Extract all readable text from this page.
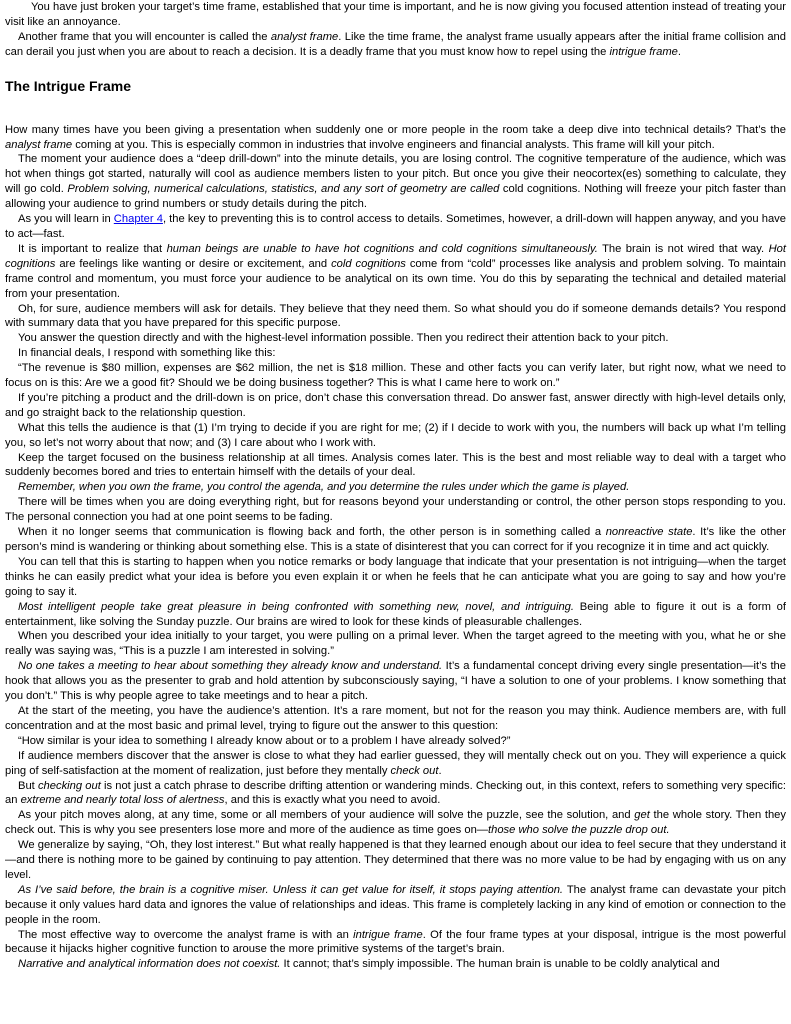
You have just broken your target’s time frame, established that your time is important, and he is now giving you focused attention instead of treating your visit like an annoyance.

Another frame that you will encounter is called the analyst frame. Like the time frame, the analyst frame usually appears after the initial frame collision and can derail you just when you are about to reach a decision. It is a deadly frame that you must know how to repel using the intrigue frame.

The Intrigue Frame

How many times have you been giving a presentation when suddenly one or more people in the room take a deep dive into technical details? That’s the analyst frame coming at you. This is especially common in industries that involve engineers and financial analysts. This frame will kill your pitch.

The moment your audience does a “deep drill-down” into the minute details, you are losing control. The cognitive temperature of the audience, which was hot when things got started, naturally will cool as audience members listen to your pitch. But once you give their neocortex(es) something to calculate, they will go cold. Problem solving, numerical calculations, statistics, and any sort of geometry are called cold cognitions. Nothing will freeze your pitch faster than allowing your audience to grind numbers or study details during the pitch.

As you will learn in Chapter 4, the key to preventing this is to control access to details. Sometimes, however, a drill-down will happen anyway, and you have to act—fast.

It is important to realize that human beings are unable to have hot cognitions and cold cognitions simultaneously. The brain is not wired that way. Hot cognitions are feelings like wanting or desire or excitement, and cold cognitions come from “cold” processes like analysis and problem solving. To maintain frame control and momentum, you must force your audience to be analytical on its own time. You do this by separating the technical and detailed material from your presentation.

Oh, for sure, audience members will ask for details. They believe that they need them. So what should you do if someone demands details? You respond with summary data that you have prepared for this specific purpose.

You answer the question directly and with the highest-level information possible. Then you redirect their attention back to your pitch.

In financial deals, I respond with something like this:

“The revenue is $80 million, expenses are $62 million, the net is $18 million. These and other facts you can verify later, but right now, what we need to focus on is this: Are we a good fit? Should we be doing business together? This is what I came here to work on.”

If you’re pitching a product and the drill-down is on price, don’t chase this conversation thread. Do answer fast, answer directly with high-level details only, and go straight back to the relationship question.

What this tells the audience is that (1) I’m trying to decide if you are right for me; (2) if I decide to work with you, the numbers will back up what I’m telling you, so let’s not worry about that now; and (3) I care about who I work with.

Keep the target focused on the business relationship at all times. Analysis comes later. This is the best and most reliable way to deal with a target who suddenly becomes bored and tries to entertain himself with the details of your deal.

Remember, when you own the frame, you control the agenda, and you determine the rules under which the game is played.

There will be times when you are doing everything right, but for reasons beyond your understanding or control, the other person stops responding to you. The personal connection you had at one point seems to be fading.

When it no longer seems that communication is flowing back and forth, the other person is in something called a nonreactive state. It’s like the other person’s mind is wandering or thinking about something else. This is a state of disinterest that you can correct for if you recognize it in time and act quickly.

You can tell that this is starting to happen when you notice remarks or body language that indicate that your presentation is not intriguing—when the target thinks he can easily predict what your idea is before you even explain it or when he feels that he can anticipate what you are going to say and how you’re going to say it.

Most intelligent people take great pleasure in being confronted with something new, novel, and intriguing. Being able to figure it out is a form of entertainment, like solving the Sunday puzzle. Our brains are wired to look for these kinds of pleasurable challenges.

When you described your idea initially to your target, you were pulling on a primal lever. When the target agreed to the meeting with you, what he or she really was saying was, “This is a puzzle I am interested in solving.”

No one takes a meeting to hear about something they already know and understand. It’s a fundamental concept driving every single presentation—it’s the hook that allows you as the presenter to grab and hold attention by subconsciously saying, “I have a solution to one of your problems. I know something that you don’t.” This is why people agree to take meetings and to hear a pitch.

At the start of the meeting, you have the audience’s attention. It’s a rare moment, but not for the reason you may think. Audience members are, with full concentration and at the most basic and primal level, trying to figure out the answer to this question:

“How similar is your idea to something I already know about or to a problem I have already solved?”

If audience members discover that the answer is close to what they had earlier guessed, they will mentally check out on you. They will experience a quick ping of self-satisfaction at the moment of realization, just before they mentally check out.

But checking out is not just a catch phrase to describe drifting attention or wandering minds. Checking out, in this context, refers to something very specific: an extreme and nearly total loss of alertness, and this is exactly what you need to avoid.

As your pitch moves along, at any time, some or all members of your audience will solve the puzzle, see the solution, and get the whole story. Then they check out. This is why you see presenters lose more and more of the audience as time goes on—those who solve the puzzle drop out.

We generalize by saying, “Oh, they lost interest.” But what really happened is that they learned enough about our idea to feel secure that they understand it—and there is nothing more to be gained by continuing to pay attention. They determined that there was no more value to be had by engaging with us on any level.

As I’ve said before, the brain is a cognitive miser. Unless it can get value for itself, it stops paying attention. The analyst frame can devastate your pitch because it only values hard data and ignores the value of relationships and ideas. This frame is completely lacking in any kind of emotion or connection to the people in the room.

The most effective way to overcome the analyst frame is with an intrigue frame. Of the four frame types at your disposal, intrigue is the most powerful because it hijacks higher cognitive function to arouse the more primitive systems of the target’s brain.

Narrative and analytical information does not coexist. It cannot; that’s simply impossible. The human brain is unable to be coldly analytical and
